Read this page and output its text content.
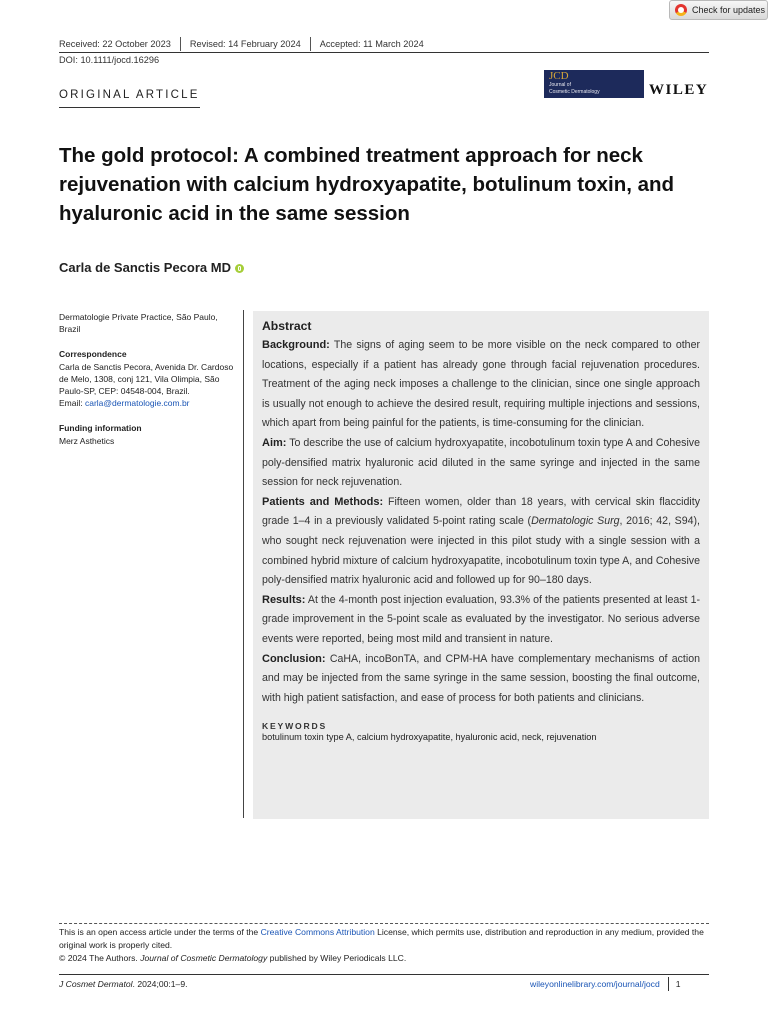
Check for updates
Received: 22 October 2023 Revised: 14 February 2024 Accepted: 11 March 2024
DOI: 10.1111/jocd.16296
ORIGINAL ARTICLE
JCD
Journal of
Cosmetic Dermatology	WILEY
The gold protocol: A combined treatment approach for neck rejuvenation with calcium hydroxyapatite, botulinum toxin, and hyaluronic acid in the same session
Carla de Sanctis Pecora MD
Dermatologie Private Practice, São Paulo, Brazil
Correspondence
Carla de Sanctis Pecora, Avenida Dr. Cardoso de Melo, 1308, conj 121, Vila Olimpia, São Paulo-SP, CEP: 04548-004, Brazil.
Email: carla@dermatologie.com.br
Funding information
Merz Asthetics
Abstract

Background: The signs of aging seem to be more visible on the neck compared to other locations, especially if a patient has already gone through facial rejuvenation procedures. Treatment of the aging neck imposes a challenge to the clinician, since one single approach is usually not enough to achieve the desired result, requiring multiple injections and sessions, which apart from being painful for the patients, is time-consuming for the clinician.

Aim: To describe the use of calcium hydroxyapatite, incobotulinum toxin type A and Cohesive poly-densified matrix hyaluronic acid diluted in the same syringe and injected in the same session for neck rejuvenation.

Patients and Methods: Fifteen women, older than 18 years, with cervical skin flaccidity grade 1–4 in a previously validated 5-point rating scale (Dermatologic Surg, 2016; 42, S94), who sought neck rejuvenation were injected in this pilot study with a single session with a combined hybrid mixture of calcium hydroxyapatite, incobotulinum toxin type A, and Cohesive poly-densified matrix hyaluronic acid and followed up for 90–180 days.

Results: At the 4-month post injection evaluation, 93.3% of the patients presented at least 1-grade improvement in the 5-point scale as evaluated by the investigator. No serious adverse events were reported, being most mild and transient in nature.

Conclusion: CaHA, incoBonTA, and CPM-HA have complementary mechanisms of action and may be injected from the same syringe in the same session, boosting the final outcome, with high patient satisfaction, and ease of process for both patients and clinicians.

KEYWORDS
botulinum toxin type A, calcium hydroxyapatite, hyaluronic acid, neck, rejuvenation
This is an open access article under the terms of the Creative Commons Attribution License, which permits use, distribution and reproduction in any medium, provided the original work is properly cited.
© 2024 The Authors. Journal of Cosmetic Dermatology published by Wiley Periodicals LLC.
J Cosmet Dermatol. 2024;00:1–9.	wileyonlinelibrary.com/journal/jocd 1
